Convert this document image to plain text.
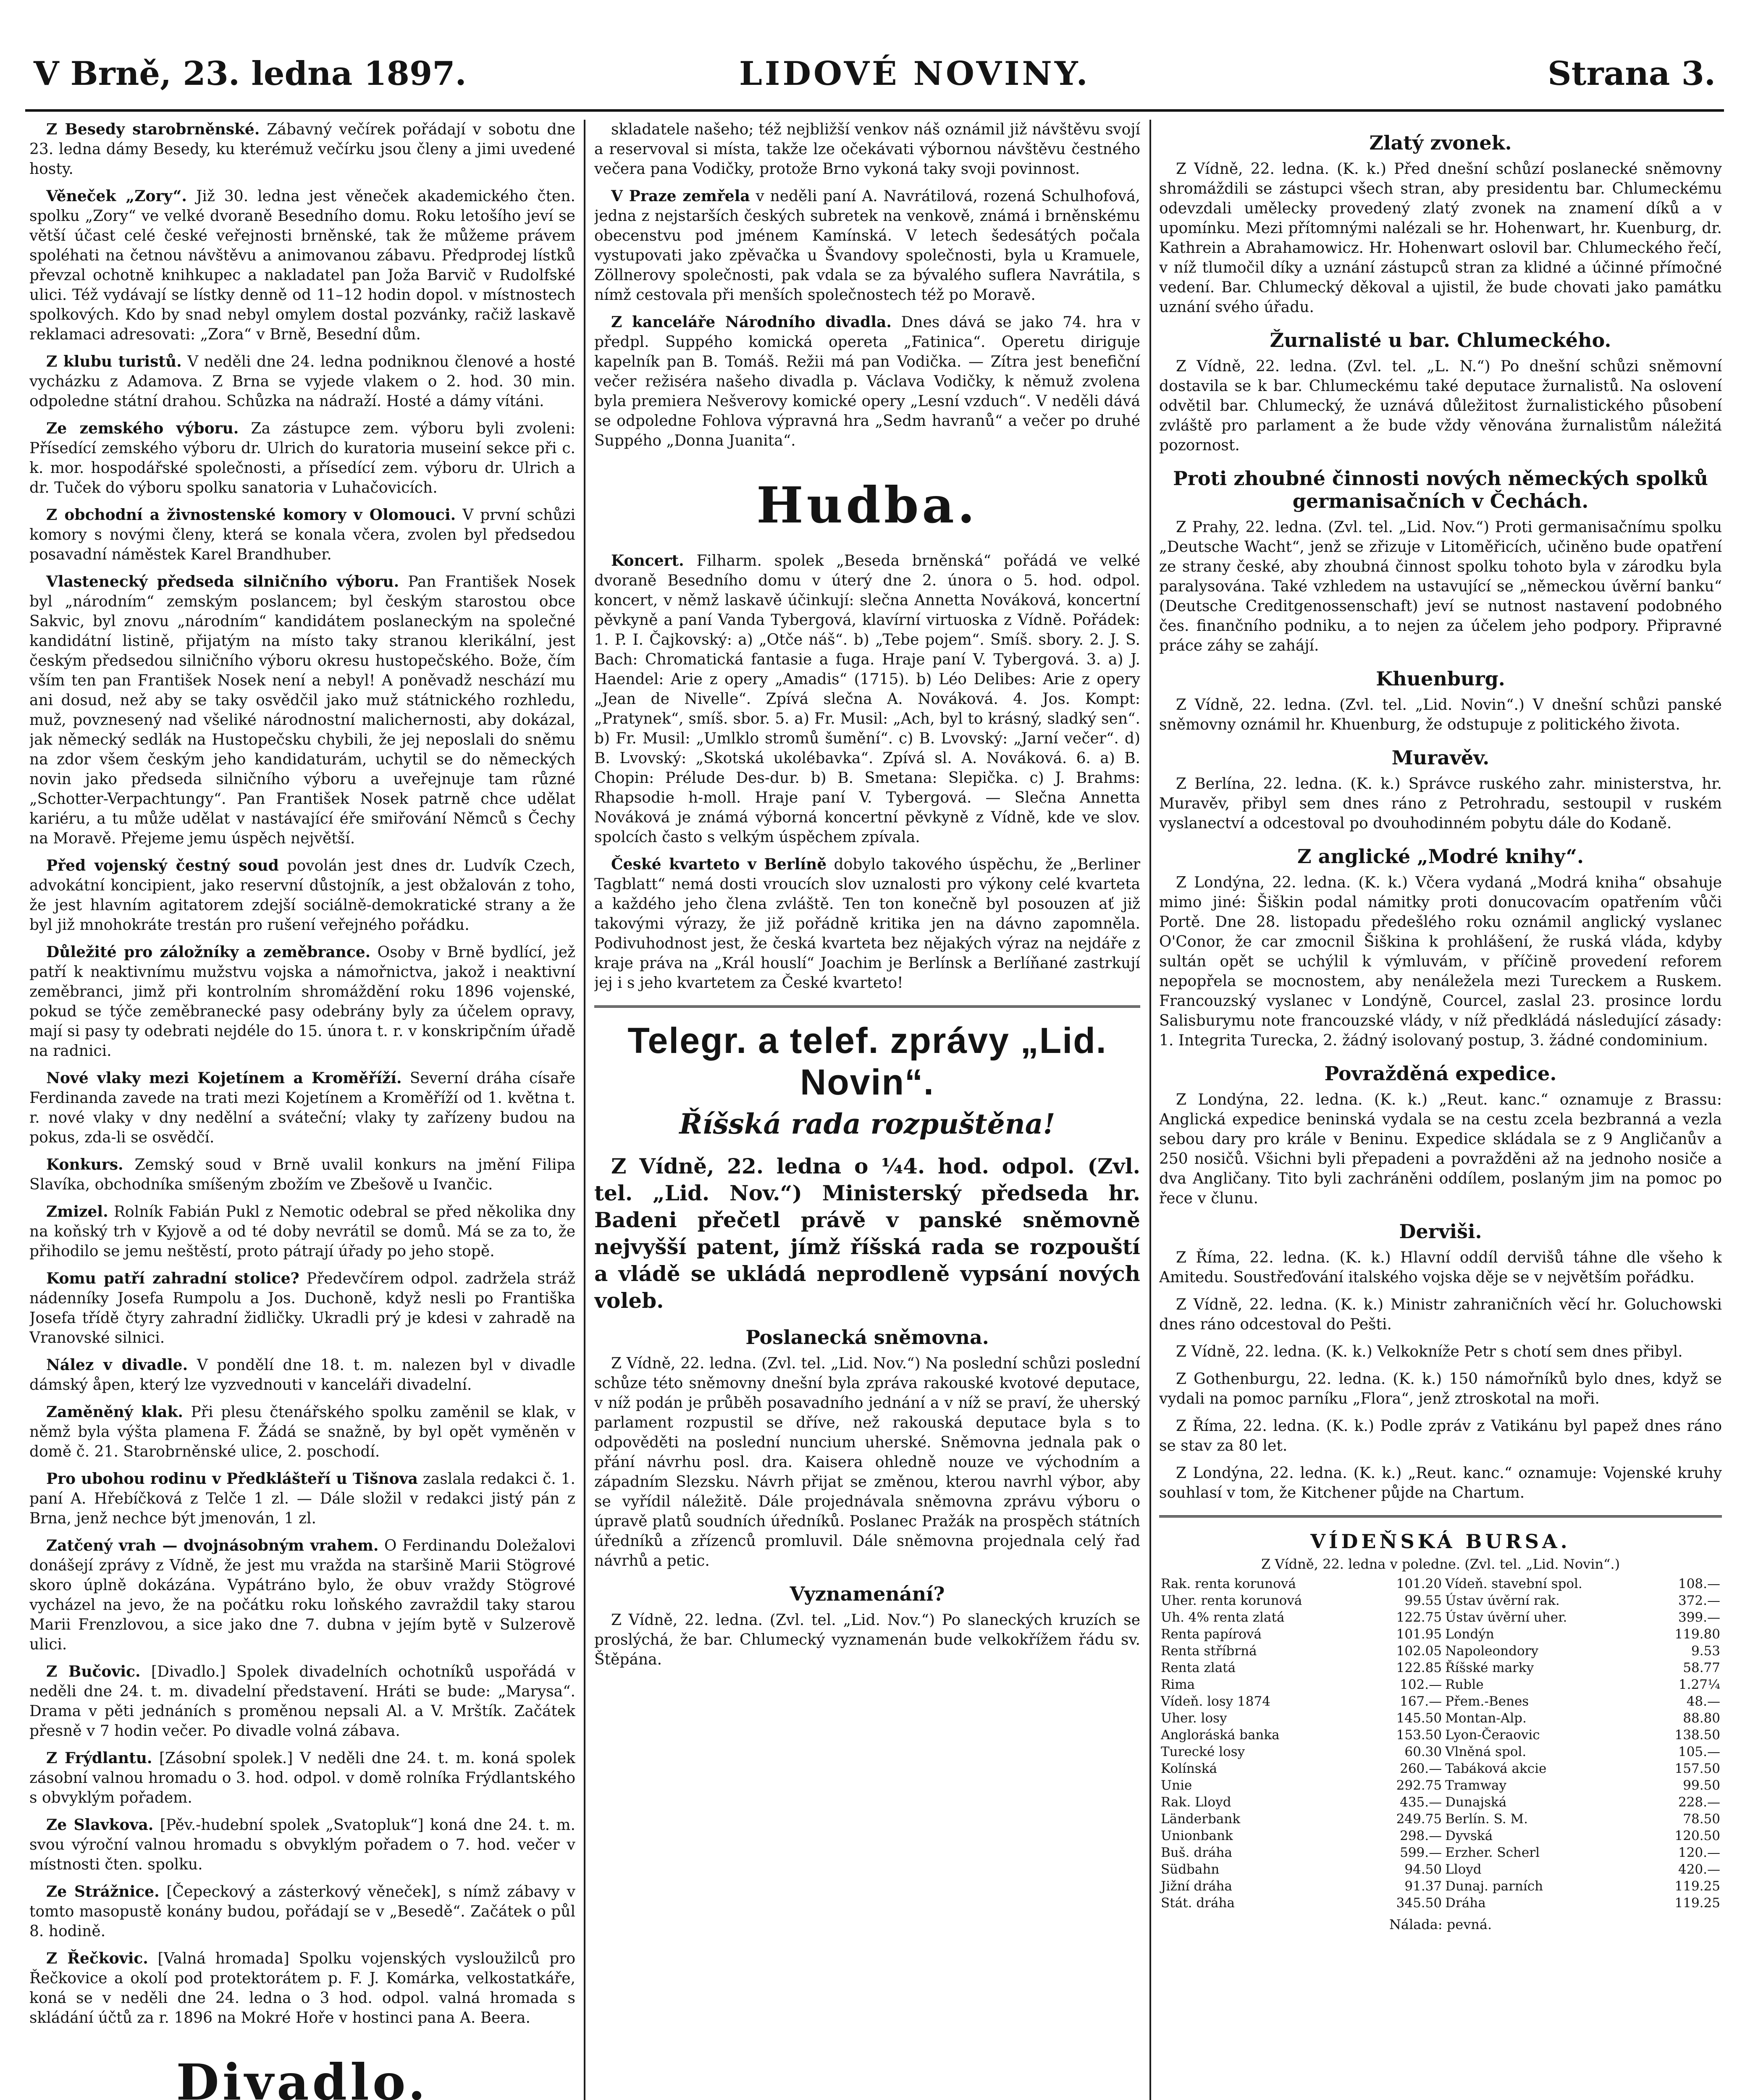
V Brně, 23. ledna 1897.	LIDOVÉ NOVINY.	Strana 3.

Z Besedy starobrněnské. Zábavný večírek pořádají v sobotu dne 23. ledna dámy Besedy, ku kterémuž večírku jsou členy a jimi uvedené hosty.

Věneček „Zory“. Již 30. ledna jest věneček akademického čten. spolku „Zory“ ve velké dvoraně Besedního domu. Roku letošího jeví se větší účast celé české veřejnosti brněnské, tak že můžeme právem spoléhati na četnou návštěvu a animovanou zábavu. Předprodej lístků převzal ochotně knihkupec a nakladatel pan Joža Barvič v Rudolfské ulici. Též vydávají se lístky denně od 11–12 hodin dopol. v místnostech spolkových. Kdo by snad nebyl omylem dostal pozvánky, račiž laskavě reklamaci adresovati: „Zora“ v Brně, Besední dům.

Z klubu turistů. V neděli dne 24. ledna podniknou členové a hosté vycházku z Adamova. Z Brna se vyjede vlakem o 2. hod. 30 min. odpoledne státní drahou. Schůzka na nádraží. Hosté a dámy vítáni.

Ze zemského výboru. Za zástupce zem. výboru byli zvoleni: Přísedící zemského výboru dr. Ulrich do kuratoria museiní sekce při c. k. mor. hospodářské společnosti, a přísedící zem. výboru dr. Ulrich a dr. Tuček do výboru spolku sanatoria v Luhačovicích.

Z obchodní a živnostenské komory v Olomouci. V první schůzi komory s novými členy, která se konala včera, zvolen byl předsedou posavadní náměstek Karel Brandhuber.

Vlastenecký předseda silničního výboru. Pan František Nosek byl „národním“ zemským poslancem; byl českým starostou obce Sakvic, byl znovu „národním“ kandidátem poslaneckým na společné kandidátní listině, přijatým na místo taky stranou klerikální, jest českým předsedou silničního výboru okresu hustopečského. Bože, čím vším ten pan František Nosek není a nebyl! A poněvadž neschází mu ani dosud, než aby se taky osvědčil jako muž státnického rozhledu, muž, povznesený nad všeliké národnostní malichernosti, aby dokázal, jak německý sedlák na Hustopečsku chybili, že jej neposlali do sněmu na zdor všem českým jeho kandidaturám, uchytil se do německých novin jako předseda silničního výboru a uveřejnuje tam různé „Schotter-Verpachtungy“. Pan František Nosek patrně chce udělat kariéru, a tu může udělat v nastávající éře smiřování Němců s Čechy na Moravě. Přejeme jemu úspěch největší.

Před vojenský čestný soud povolán jest dnes dr. Ludvík Czech, advokátní koncipient, jako reservní důstojník, a jest obžalován z toho, že jest hlavním agitatorem zdejší sociálně-demokratické strany a že byl již mnohokráte trestán pro rušení veřejného pořádku.

Důležité pro záložníky a zeměbrance. Osoby v Brně bydlící, jež patří k neaktivnímu mužstvu vojska a námořnictva, jakož i neaktivní zeměbranci, jimž při kontrolním shromáždění roku 1896 vojenské, pokud se týče zeměbranecké pasy odebrány byly za účelem opravy, mají si pasy ty odebrati nejdéle do 15. února t. r. v konskripčním úřadě na radnici.

Nové vlaky mezi Kojetínem a Kroměříží. Severní dráha císaře Ferdinanda zavede na trati mezi Kojetínem a Kroměříží od 1. května t. r. nové vlaky v dny nedělní a sváteční; vlaky ty zařízeny budou na pokus, zda-li se osvědčí.

Konkurs. Zemský soud v Brně uvalil konkurs na jmění Filipa Slavíka, obchodníka smíšeným zbožím ve Zbešově u Ivančic.

Zmizel. Rolník Fabián Pukl z Nemotic odebral se před několika dny na koňský trh v Kyjově a od té doby nevrátil se domů. Má se za to, že přihodilo se jemu neštěstí, proto pátrají úřady po jeho stopě.

Komu patří zahradní stolice? Předevčírem odpol. zadržela stráž nádenníky Josefa Rumpolu a Jos. Duchoně, když nesli po Františka Josefa třídě čtyry zahradní židličky. Ukradli prý je kdesi v zahradě na Vranovské silnici.

Nález v divadle. V pondělí dne 18. t. m. nalezen byl v divadle dámský åpen, který lze vyzvednouti v kanceláři divadelní.

Zaměněný klak. Při plesu čtenářského spolku zaměnil se klak, v němž byla výšta plamena F. Žádá se snažně, by byl opět vyměněn v domě č. 21. Starobrněnské ulice, 2. poschodí.

Pro ubohou rodinu v Předklášteří u Tišnova zaslala redakci č. 1. paní A. Hřebíčková z Telče 1 zl. — Dále složil v redakci jistý pán z Brna, jenž nechce být jmenován, 1 zl.

Zatčený vrah — dvojnásobným vrahem. O Ferdinandu Doležalovi donášejí zprávy z Vídně, že jest mu vražda na staršině Marii Stögrové skoro úplně dokázána. Vypátráno bylo, že obuv vraždy Stögrové vycházel na jevo, že na počátku roku loňského zavraždil taky starou Marii Frenzlovou, a sice jako dne 7. dubna v jejím bytě v Sulzerově ulici.

Z Bučovic. [Divadlo.] Spolek divadelních ochotníků uspořádá v neděli dne 24. t. m. divadelní představení. Hráti se bude: „Marysa“. Drama v pěti jednáních s proměnou nepsali Al. a V. Mrštík. Začátek přesně v 7 hodin večer. Po divadle volná zábava.

Z Frýdlantu. [Zásobní spolek.] V neděli dne 24. t. m. koná spolek zásobní valnou hromadu o 3. hod. odpol. v domě rolníka Frýdlantského s obvyklým pořadem.

Ze Slavkova. [Pěv.-hudební spolek „Svatopluk“] koná dne 24. t. m. svou výroční valnou hromadu s obvyklým pořadem o 7. hod. večer v místnosti čten. spolku.

Ze Strážnice. [Čepeckový a zásterkový věneček], s nímž zábavy v tomto masopustě konány budou, pořádají se v „Besedě“. Začátek o půl 8. hodině.

Z Řečkovic. [Valná hromada] Spolku vojenských vysloužilců pro Řečkovice a okolí pod protektorátem p. F. J. Komárka, velkostatkáře, koná se v neděli dne 24. ledna o 3 hod. odpol. valná hromada s skládání účtů za r. 1896 na Mokré Hoře v hostinci pana A. Beera.

Divadlo.

skladatele našeho; též nejbližší venkov náš oznámil již návštěvu svojí a reservoval si místa, takže lze očekávati výbornou návštěvu čestného večera pana Vodičky, protože Brno vykoná taky svoji povinnost.

V Praze zemřela v neděli paní A. Navrátilová, rozená Schulhofová, jedna z nejstarších českých subretek na venkově, známá i brněnskému obecenstvu pod jménem Kamínská. V letech šedesátých počala vystupovati jako zpěvačka u Švandovy společnosti, byla u Kramuele, Zöllnerovy společnosti, pak vdala se za bývalého suflera Navrátila, s nímž cestovala při menších společnostech též po Moravě.

Z kanceláře Národního divadla. Dnes dává se jako 74. hra v předpl. Suppého komická opereta „Fatinica“. Operetu diriguje kapelník pan B. Tomáš. Režii má pan Vodička. — Zítra jest benefiční večer režiséra našeho divadla p. Václava Vodičky, k němuž zvolena byla premiera Nešverovy komické opery „Lesní vzduch“. V neděli dává se odpoledne Fohlova výpravná hra „Sedm havranů“ a večer po druhé Suppého „Donna Juanita“.

Hudba.

Koncert. Filharm. spolek „Beseda brněnská“ pořádá ve velké dvoraně Besedního domu v úterý dne 2. února o 5. hod. odpol. koncert, v němž laskavě účinkují: slečna Annetta Nováková, koncertní pěvkyně a paní Vanda Tybergová, klavírní virtuoska z Vídně. Pořádek: 1. P. I. Čajkovský: a) „Otče náš“. b) „Tebe pojem“. Smíš. sbory. 2. J. S. Bach: Chromatická fantasie a fuga. Hraje paní V. Tybergová. 3. a) J. Haendel: Arie z opery „Amadis“ (1715). b) Léo Delibes: Arie z opery „Jean de Nivelle“. Zpívá slečna A. Nováková. 4. Jos. Kompt: „Pratynek“, smíš. sbor. 5. a) Fr. Musil: „Ach, byl to krásný, sladký sen“. b) Fr. Musil: „Umlklo stromů šumění“. c) B. Lvovský: „Jarní večer“. d) B. Lvovský: „Skotská ukolébavka“. Zpívá sl. A. Nováková. 6. a) B. Chopin: Prélude Des-dur. b) B. Smetana: Slepička. c) J. Brahms: Rhapsodie h-moll. Hraje paní V. Tybergová. — Slečna Annetta Nováková je známá výborná koncertní pěvkyně z Vídně, kde ve slov. spolcích často s velkým úspěchem zpívala.

České kvarteto v Berlíně dobylo takového úspěchu, že „Berliner Tagblatt“ nemá dosti vroucích slov uznalosti pro výkony celé kvarteta a každého jeho člena zvláště. Ten ton konečně byl posouzen ať již takovými výrazy, že již pořádně kritika jen na dávno zapomněla. Podivuhodnost jest, že česká kvarteta bez nějakých výraz na nejdáře z kraje práva na „Král houslí“ Joachim je Berlínsk a Berlíňané zastrkují jej i s jeho kvartetem za České kvarteto!

Telegr. a telef. zprávy „Lid. Novin“.
Říšská rada rozpuštěna!

Z Vídně, 22. ledna o ¼4. hod. odpol. (Zvl. tel. „Lid. Nov.“) Ministerský předseda hr. Badeni přečetl právě v panské sněmovně nejvyšší patent, jímž říšská rada se rozpouští a vládě se ukládá neprodleně vypsání nových voleb.

Poslanecká sněmovna.

Z Vídně, 22. ledna. (Zvl. tel. „Lid. Nov.“) Na poslední schůzi poslední schůze této sněmovny dnešní byla zpráva rakouské kvotové deputace, v níž podán je průběh posavadního jednání a v níž se praví, že uherský parlament rozpustil se dříve, než rakouská deputace byla s to odpověděti na poslední nuncium uherské. Sněmovna jednala pak o přání návrhu posl. dra. Kaisera ohledně nouze ve východním a západním Slezsku. Návrh přijat se změnou, kterou navrhl výbor, aby se vyřídil náležitě. Dále projednávala sněmovna zprávu výboru o úpravě platů soudních úředníků. Poslanec Pražák na prospěch státních úředníků a zřízenců promluvil. Dále sněmovna projednala celý řad návrhů a petic.

Vyznamenání?

Z Vídně, 22. ledna. (Zvl. tel. „Lid. Nov.“) Po slaneckých kruzích se proslýchá, že bar. Chlumecký vyznamenán bude velkokřížem řádu sv. Štěpána.

Zlatý zvonek.

Z Vídně, 22. ledna. (K. k.) Před dnešní schůzí poslanecké sněmovny shromáždili se zástupci všech stran, aby presidentu bar. Chlumeckému odevzdali umělecky provedený zlatý zvonek na znamení díků a v upomínku. Mezi přítomnými nalézali se hr. Hohenwart, hr. Kuenburg, dr. Kathrein a Abrahamowicz. Hr. Hohenwart oslovil bar. Chlumeckého řečí, v níž tlumočil díky a uznání zástupců stran za klidné a účinné přímočné vedení. Bar. Chlumecký děkoval a ujistil, že bude chovati jako památku uznání svého úřadu.

Žurnalisté u bar. Chlumeckého.

Z Vídně, 22. ledna. (Zvl. tel. „L. N.“) Po dnešní schůzi sněmovní dostavila se k bar. Chlumeckému také deputace žurnalistů. Na oslovení odvětil bar. Chlumecký, že uznává důležitost žurnalistického působení zvláště pro parlament a že bude vždy věnována žurnalistům náležitá pozornost.

Proti zhoubné činnosti nových německých spolků germanisačních v Čechách.

Z Prahy, 22. ledna. (Zvl. tel. „Lid. Nov.“) Proti germanisačnímu spolku „Deutsche Wacht“, jenž se zřizuje v Litoměřicích, učiněno bude opatření ze strany české, aby zhoubná činnost spolku tohoto byla v zárodku byla paralysována. Také vzhledem na ustavující se „německou úvěrní banku“ (Deutsche Creditgenossenschaft) jeví se nutnost nastavení podobného čes. finančního podniku, a to nejen za účelem jeho podpory. Připravné práce záhy se zahájí.

Khuenburg.

Z Vídně, 22. ledna. (Zvl. tel. „Lid. Novin“.) V dnešní schůzi panské sněmovny oznámil hr. Khuenburg, že odstupuje z politického života.

Muravěv.

Z Berlína, 22. ledna. (K. k.) Správce ruského zahr. ministerstva, hr. Muravěv, přibyl sem dnes ráno z Petrohradu, sestoupil v ruském vyslanectví a odcestoval po dvouhodinném pobytu dále do Kodaně.

Z anglické „Modré knihy“.

Z Londýna, 22. ledna. (K. k.) Včera vydaná „Modrá kniha“ obsahuje mimo jiné: Šiškin podal námitky proti donucovacím opatřením vůči Portě. Dne 28. listopadu předešlého roku oznámil anglický vyslanec O'Conor, že car zmocnil Šiškina k prohlášení, že ruská vláda, kdyby sultán opět se uchýlil k výmluvám, v příčině provedení reforem nepopřela se mocnostem, aby nenáležela mezi Tureckem a Ruskem. Francouzský vyslanec v Londýně, Courcel, zaslal 23. prosince lordu Salisburymu note francouzské vlády, v níž předkládá následující zásady: 1. Integrita Turecka, 2. žádný isolovaný postup, 3. žádné condominium.

Povražděná expedice.

Z Londýna, 22. ledna. (K. k.) „Reut. kanc.“ oznamuje z Brassu: Anglická expedice beninská vydala se na cestu zcela bezbranná a vezla sebou dary pro krále v Beninu. Expedice skládala se z 9 Angličanův a 250 nosičů. Všichni byli přepadeni a povražděni až na jednoho nosiče a dva Angličany. Tito byli zachráněni oddílem, poslaným jim na pomoc po řece v člunu.

Derviši.

Z Říma, 22. ledna. (K. k.) Hlavní oddíl dervišů táhne dle všeho k Amitedu. Soustřeďování italského vojska děje se v největším pořádku.

Z Vídně, 22. ledna. (K. k.) Ministr zahraničních věcí hr. Goluchowski dnes ráno odcestoval do Pešti.

Z Vídně, 22. ledna. (K. k.) Velkokníže Petr s chotí sem dnes přibyl.

Z Gothenburgu, 22. ledna. (K. k.) 150 námořníků bylo dnes, když se vydali na pomoc parníku „Flora“, jenž ztroskotal na moři.

Z Říma, 22. ledna. (K. k.) Podle zpráv z Vatikánu byl papež dnes ráno se stav za 80 let.

Z Londýna, 22. ledna. (K. k.) „Reut. kanc.“ oznamuje: Vojenské kruhy souhlasí v tom, že Kitchener půjde na Chartum.

VÍDEŇSKÁ BURSA.
Z Vídně, 22. ledna v poledne. (Zvl. tel. „Lid. Novin“.)
Rak. renta korunová	101.20	Vídeň. stavební spol.	108.—
Uher. renta korunová	99.55	Ústav úvěrní rak.	372.—
Uh. 4% renta zlatá	122.75	Ústav úvěrní uher.	399.—
Renta papírová	101.95	Londýn	119.80
Renta stříbrná	102.05	Napoleondory	9.53
Renta zlatá	122.85	Říšské marky	58.77
Rima	102.—	Ruble	1.27¼
Vídeň. losy 1874	167.—	Přem.-Benes	48.—
Uher. losy	145.50	Montan-Alp.	88.80
Angloráská banka	153.50	Lyon-Čeraovic	138.50
Turecké losy	60.30	Vlněná spol.	105.—
Kolínská	260.—	Tabáková akcie	157.50
Unie	292.75	Tramway	99.50
Rak. Lloyd	435.—	Dunajská	228.—
Länderbank	249.75	Berlín. S. M.	78.50
Unionbank	298.—	Dyvská	120.50
Buš. dráha	599.—	Erzher. Scherl	120.—
Südbahn	94.50	Lloyd	420.—
Jižní dráha	91.37	Dunaj. parních	119.25
Stát. dráha	345.50	Dráha	119.25
Nálada: pevná.
